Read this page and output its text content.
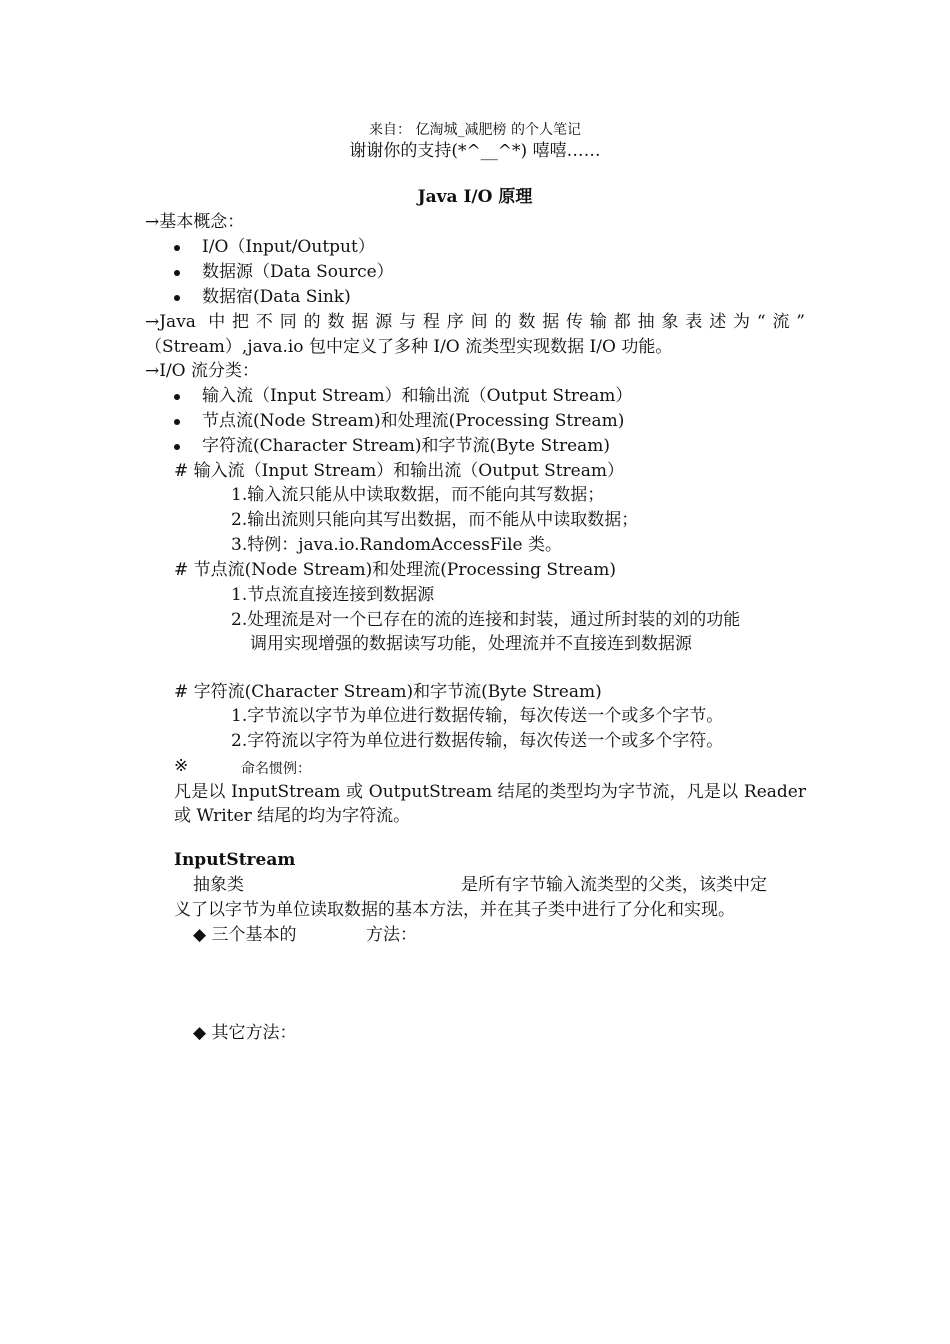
来自： 亿淘城_减肥榜 的个人笔记
谢谢你的支持(*^__^*) 嘻嘻……
Java I/O 原理
→基本概念：
I/O（Input/Output）
数据源（Data Source）
数据宿(Data Sink)
→Java 中把不同的数据源与程序间的数据传输都抽象表述为“流”
（Stream）,java.io 包中定义了多种 I/O 流类型实现数据 I/O 功能。
→I/O 流分类：
输入流（Input Stream）和输出流（Output Stream）
节点流(Node Stream)和处理流(Processing Stream)
字符流(Character Stream)和字节流(Byte Stream)
# 输入流（Input Stream）和输出流（Output Stream）
1.输入流只能从中读取数据，而不能向其写数据；
2.输出流则只能向其写出数据，而不能从中读取数据；
3.特例：java.io.RandomAccessFile 类。
# 节点流(Node Stream)和处理流(Processing Stream)
1.节点流直接连接到数据源
2.处理流是对一个已存在的流的连接和封装，通过所封装的刘的功能
调用实现增强的数据读写功能，处理流并不直接连到数据源
# 字符流(Character Stream)和字节流(Byte Stream)
1.字节流以字节为单位进行数据传输，每次传送一个或多个字节。
2.字符流以字符为单位进行数据传输，每次传送一个或多个字符。
※	命名惯例：
凡是以 InputStream 或 OutputStream 结尾的类型均为字节流，凡是以 Reader
或 Writer 结尾的均为字符流。
InputStream
抽象类	是所有字节输入流类型的父类，该类中定
义了以字节为单位读取数据的基本方法，并在其子类中进行了分化和实现。
◆ 三个基本的	方法：
◆ 其它方法：
